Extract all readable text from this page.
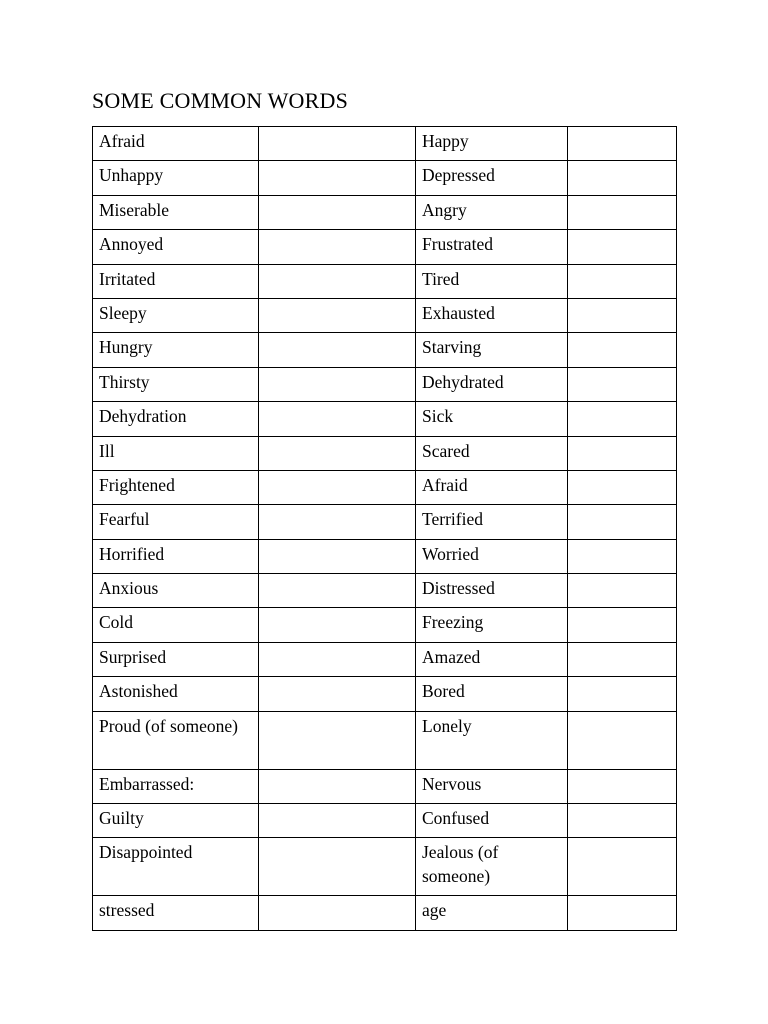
SOME COMMON WORDS
Afraid		Happy	
Unhappy		Depressed	
Miserable		Angry	
Annoyed		Frustrated	
Irritated		Tired	
Sleepy		Exhausted	
Hungry		Starving	
Thirsty		Dehydrated	
Dehydration		Sick	
Ill		Scared	
Frightened		Afraid	
Fearful		Terrified	
Horrified		Worried	
Anxious		Distressed	
Cold		Freezing	
Surprised		Amazed	
Astonished		Bored	
Proud (of someone)		Lonely	
Embarrassed:		Nervous	
Guilty		Confused	
Disappointed		Jealous (of someone)	
stressed		age	
